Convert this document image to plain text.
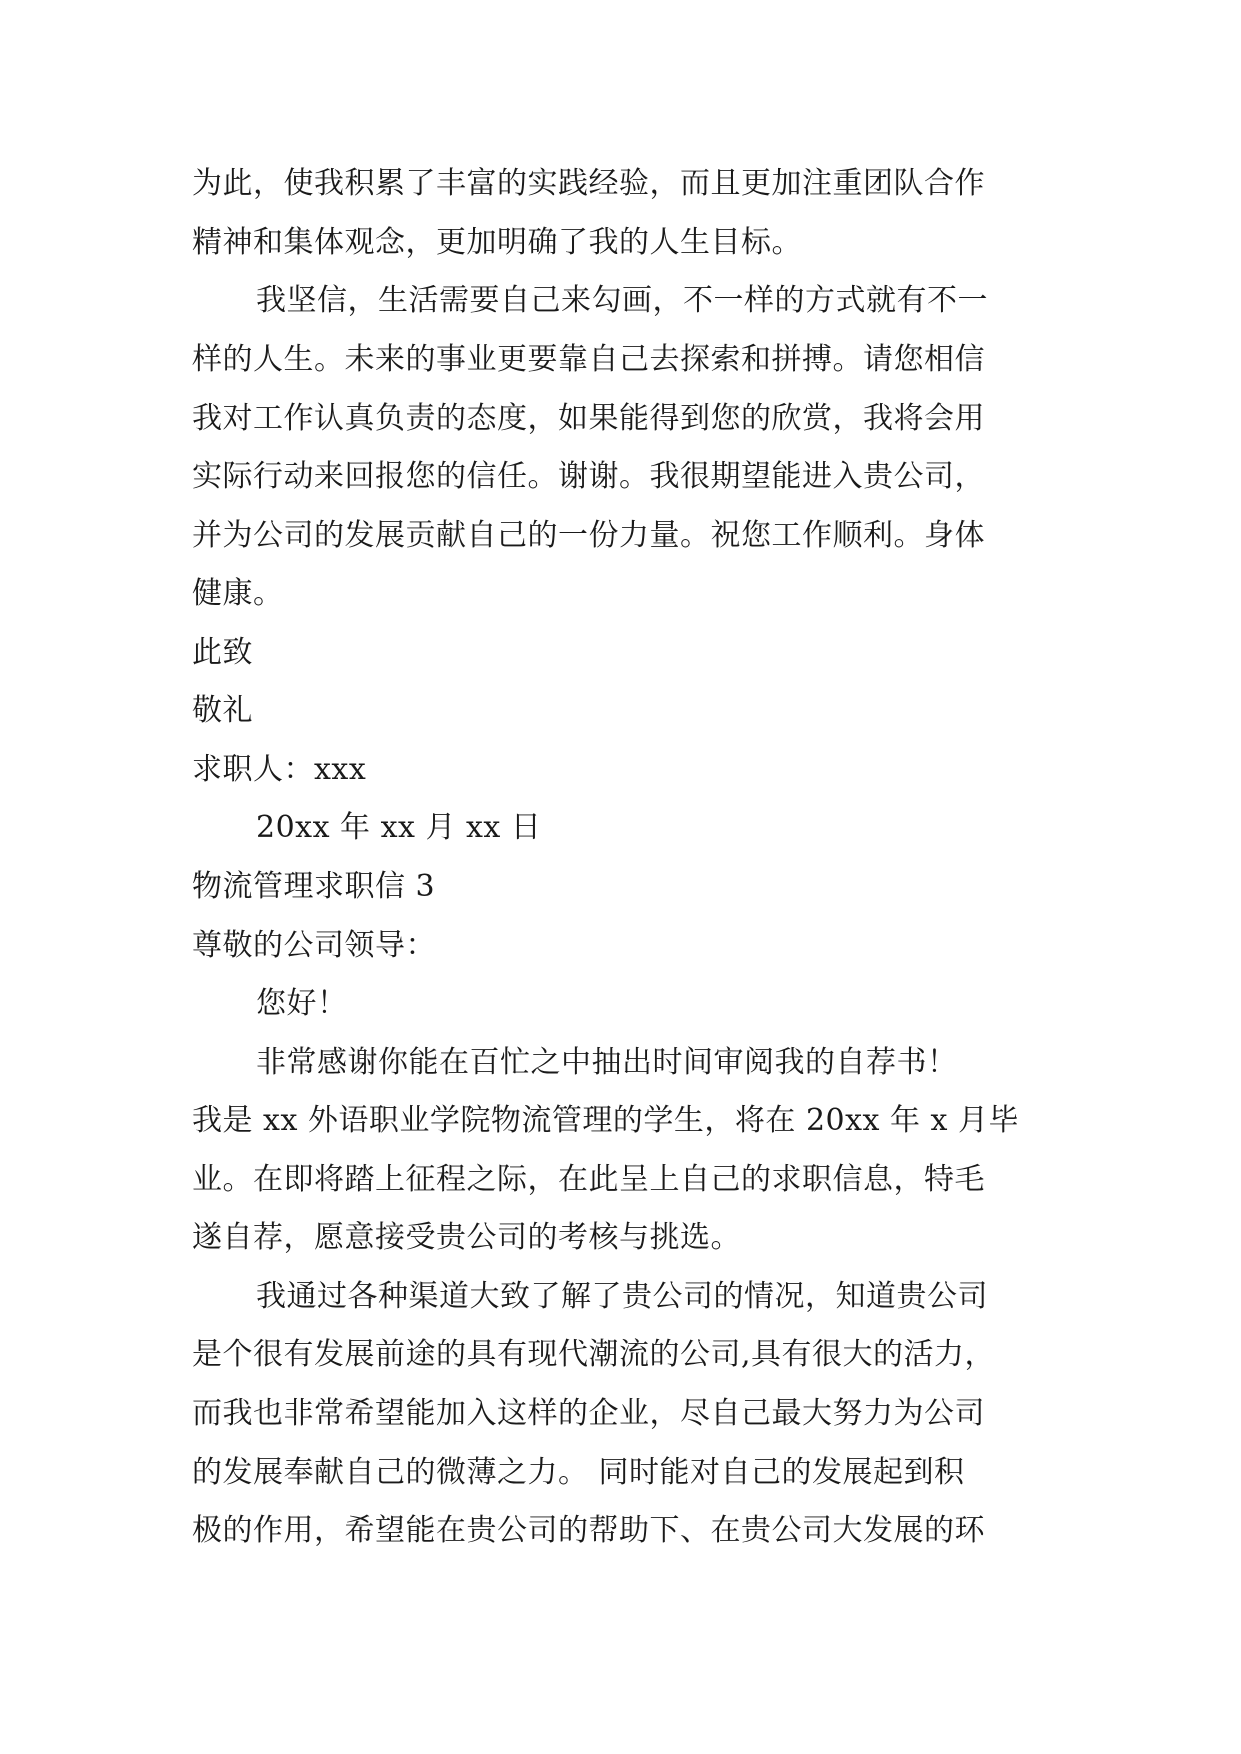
为此，使我积累了丰富的实践经验，而且更加注重团队合作

精神和集体观念，更加明确了我的人生目标。

我坚信，生活需要自己来勾画，不一样的方式就有不一

样的人生。未来的事业更要靠自己去探索和拼搏。请您相信

我对工作认真负责的态度，如果能得到您的欣赏，我将会用

实际行动来回报您的信任。谢谢。我很期望能进入贵公司，

并为公司的发展贡献自己的一份力量。祝您工作顺利。身体

健康。

此致

敬礼

求职人：xxx

20xx 年 xx 月 xx 日

物流管理求职信 3

尊敬的公司领导：

您好！

非常感谢你能在百忙之中抽出时间审阅我的自荐书！

我是 xx 外语职业学院物流管理的学生，将在 20xx 年 x 月毕

业。在即将踏上征程之际，在此呈上自己的求职信息，特毛

遂自荐，愿意接受贵公司的考核与挑选。

我通过各种渠道大致了解了贵公司的情况，知道贵公司

是个很有发展前途的具有现代潮流的公司,具有很大的活力，

而我也非常希望能加入这样的企业，尽自己最大努力为公司

的发展奉献自己的微薄之力。 同时能对自己的发展起到积

极的作用，希望能在贵公司的帮助下、在贵公司大发展的环
